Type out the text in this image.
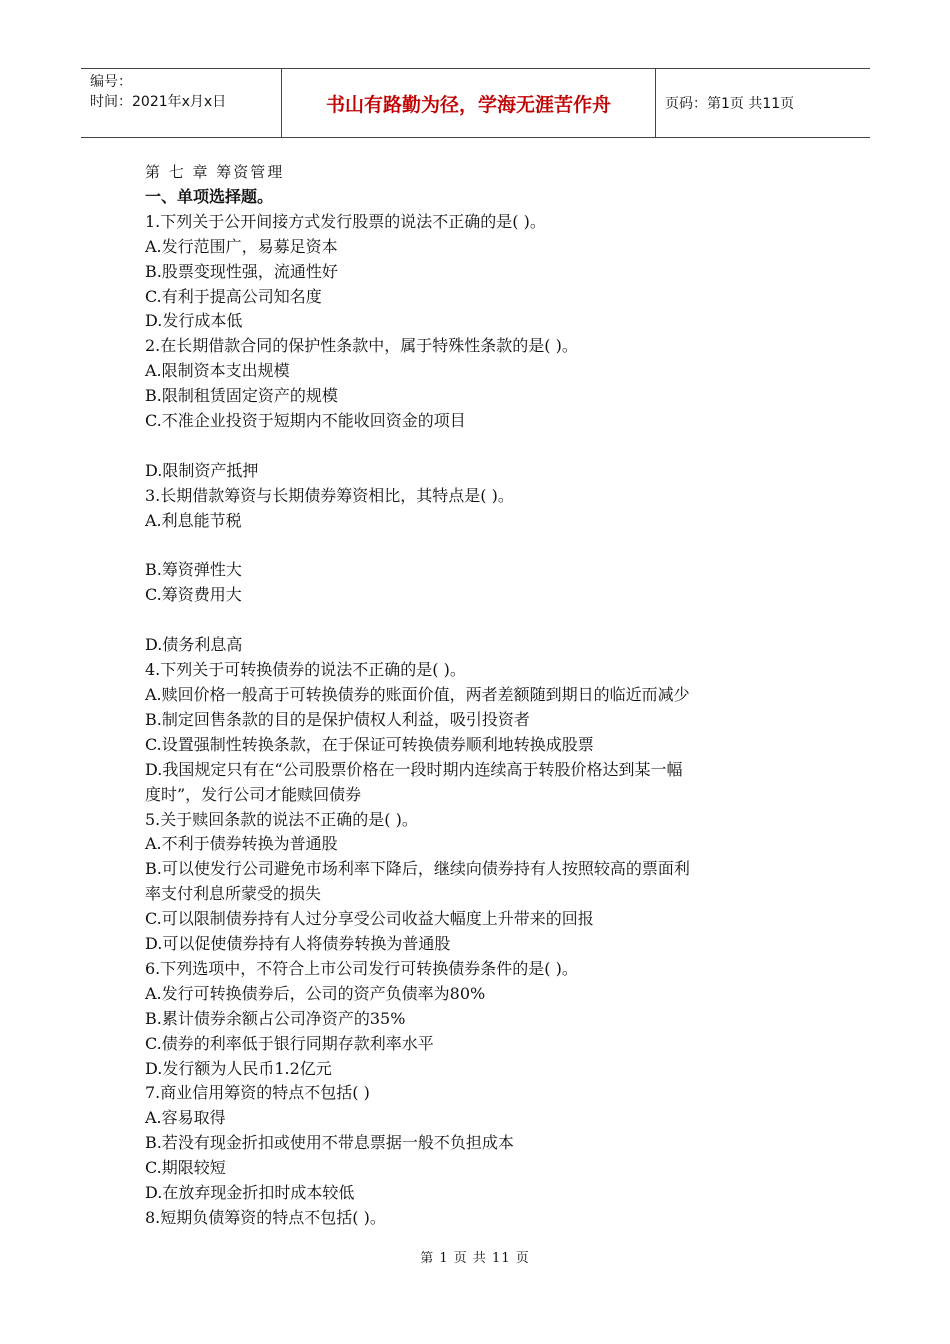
编号：
时间：2021年x月x日	书山有路勤为径，学海无涯苦作舟	页码：第1页 共11页
第 七 章 筹资管理
一、单项选择题。
1.下列关于公开间接方式发行股票的说法不正确的是( )。
A.发行范围广，易募足资本
B.股票变现性强，流通性好
C.有利于提高公司知名度
D.发行成本低
2.在长期借款合同的保护性条款中，属于特殊性条款的是( )。
A.限制资本支出规模
B.限制租赁固定资产的规模
C.不准企业投资于短期内不能收回资金的项目
D.限制资产抵押
3.长期借款筹资与长期债券筹资相比，其特点是( )。
A.利息能节税
B.筹资弹性大
C.筹资费用大
D.债务利息高
4.下列关于可转换债券的说法不正确的是( )。
A.赎回价格一般高于可转换债券的账面价值，两者差额随到期日的临近而减少
B.制定回售条款的目的是保护债权人利益，吸引投资者
C.设置强制性转换条款，在于保证可转换债券顺利地转换成股票
D.我国规定只有在“公司股票价格在一段时期内连续高于转股价格达到某一幅
度时”，发行公司才能赎回债券
5.关于赎回条款的说法不正确的是( )。
A.不利于债券转换为普通股
B.可以使发行公司避免市场利率下降后，继续向债券持有人按照较高的票面利
率支付利息所蒙受的损失
C.可以限制债券持有人过分享受公司收益大幅度上升带来的回报
D.可以促使债券持有人将债券转换为普通股
6.下列选项中，不符合上市公司发行可转换债券条件的是( )。
A.发行可转换债券后，公司的资产负债率为80%
B.累计债券余额占公司净资产的35%
C.债券的利率低于银行同期存款利率水平
D.发行额为人民币1.2亿元
7.商业信用筹资的特点不包括( )
A.容易取得
B.若没有现金折扣或使用不带息票据一般不负担成本
C.期限较短
D.在放弃现金折扣时成本较低
8.短期负债筹资的特点不包括( )。
第 1 页 共 11 页
